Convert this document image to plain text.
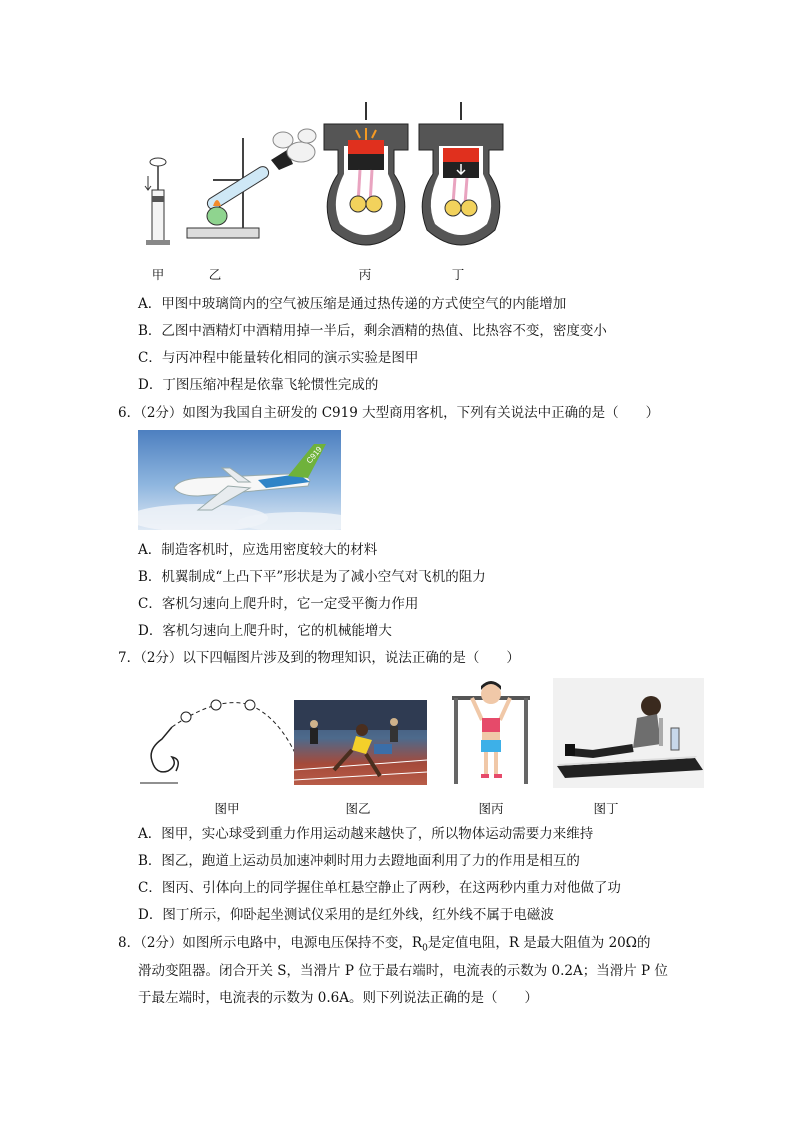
甲	乙	丙	丁
A．甲图中玻璃筒内的空气被压缩是通过热传递的方式使空气的内能增加
B．乙图中酒精灯中酒精用掉一半后，剩余酒精的热值、比热容不变，密度变小
C．与丙冲程中能量转化相同的演示实验是图甲
D．丁图压缩冲程是依靠飞轮惯性完成的
6．（2分）如图为我国自主研发的 C919 大型商用客机，下列有关说法中正确的是（　　）
C919
A．制造客机时，应选用密度较大的材料
B．机翼制成“上凸下平”形状是为了减小空气对飞机的阻力
C．客机匀速向上爬升时，它一定受平衡力作用
D．客机匀速向上爬升时，它的机械能增大
7．（2分）以下四幅图片涉及到的物理知识，说法正确的是（　　）
图甲	图乙	图丙	图丁
A．图甲，实心球受到重力作用运动越来越快了，所以物体运动需要力来维持
B．图乙，跑道上运动员加速冲刺时用力去蹬地面利用了力的作用是相互的
C．图丙、引体向上的同学握住单杠悬空静止了两秒，在这两秒内重力对他做了功
D．图丁所示，仰卧起坐测试仪采用的是红外线，红外线不属于电磁波
8．（2分）如图所示电路中，电源电压保持不变，$R_0$是定值电阻，R 是最大阻值为 20Ω的
滑动变阻器。闭合开关 S，当滑片 P 位于最右端时，电流表的示数为 0.2A；当滑片 P 位
于最左端时，电流表的示数为 0.6A。则下列说法正确的是（　　）
